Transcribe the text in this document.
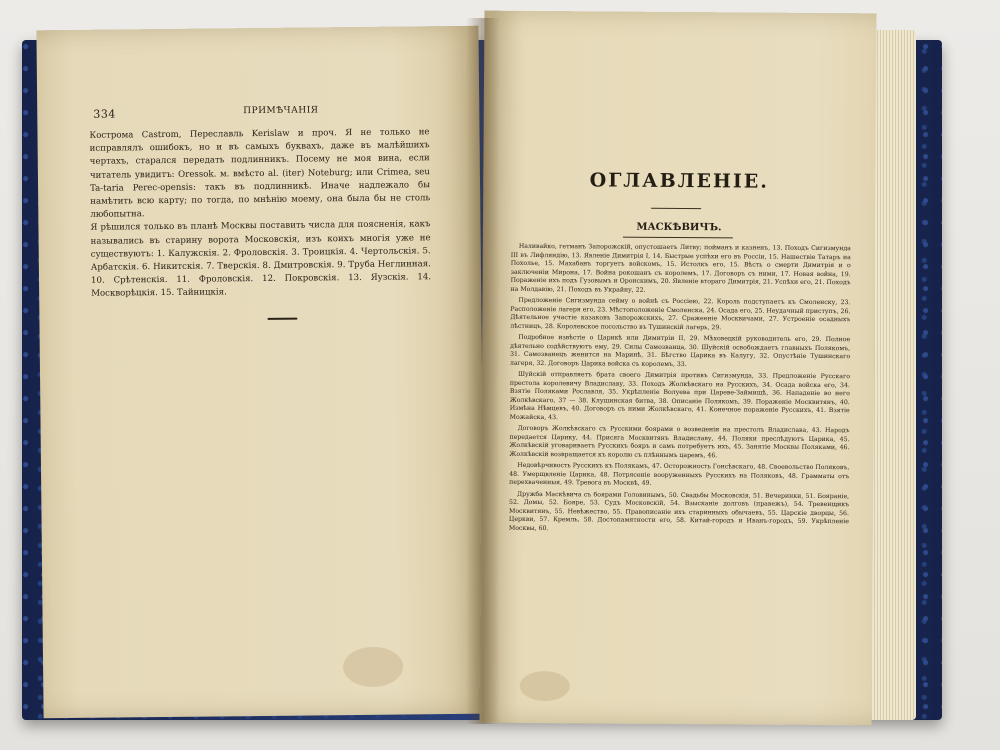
334	ПРИМѢЧАНІЯ

Кострома Castrom, Переславль Kerislaw и проч. Я не только не исправлялъ ошибокъ, но и въ самыхъ буквахъ, даже въ малѣйшихъ чертахъ, старался передать подлинникъ. Посему не моя вина, если читатель увидитъ: Oressok. м. вмѣсто al. (iter) Noteburg; или Crimea, seu Ta-taria Perec-opensis: такъ въ подлинникѣ. Иначе надлежало бы намѣтить всю карту; по тогда, по мнѣнію моему, она была бы не столь любопытна.

Я рѣшился только въ планѣ Москвы поставить числа для поясненія, какъ назывались въ старину ворота Московскія, изъ коихъ многія уже не существуютъ: 1. Калужскія. 2. Фроловскія. 3. Троицкія. 4. Чертольскія. 5. Арбатскія. 6. Никитскія. 7. Тверскія. 8. Дмитровскія. 9. Труба Неглинная. 10. Срѣтенскія. 11. Фроловскія. 12. Покровскія. 13. Яузскія. 14. Москворѣцкія. 15. Тайницкія.

ОГЛАВЛЕНІЕ.
МАСКѢВИЧЪ.

Наливайко, гетманъ Запорожскій, опустошаетъ Литву; пойманъ и казненъ, 13. Походъ Сигизмунда III въ Лифляндію, 13. Явленіе Димитрія I, 14. Быстрые успѣхи его въ Россіи, 15. Нашествіе Татаръ на Похолье, 15. Махабанъ торгуетъ войскомъ, 15. Истолкъ его, 15. Вѣсть о смерти Димитрія и о заключеніи Мирона, 17. Война рокошанъ съ королемъ, 17. Договоръ съ ними, 17. Новая война, 19. Пораженіе ихъ подъ Гузовымъ и Оронскимъ, 20. Явленіе втораго Димитрія, 21. Успѣхи его, 21. Походъ на Молдавію, 21. Походъ въ Украйну, 22.

Предложеніе Сигизмунда сейму о войнѣ съ Россіею, 22. Король подступаетъ къ Смоленску, 23. Расположеніе лагеря его, 23. Мѣстоположеніе Смоленска, 24. Осада его, 25. Неудачный приступъ, 26. Дѣятельное участіе казаковъ Запорожскихъ, 27. Сражееніе Москвичами, 27. Устроеніе осадныхъ лѣстницъ, 28. Королевское посольство въ Тушинскій лагерь, 29.

Подробное извѣстіе о Царикѣ или Димитріи II, 29. Мѣховецкій руководитель его, 29. Полное дѣятельно содѣйствуютъ ему, 29. Силы Самозванца, 30. Шуйскій освобождаетъ главныхъ Полякомъ, 31. Самозванецъ женится на Маринѣ, 31. Бѣгство Царика въ Калугу, 32. Опустѣніе Тушинскаго лагеря, 32. Договоръ Царика войска съ королемъ, 33.

Шуйскій отправляетъ брата своего Димитрія противъ Сигизмунда, 33. Предложеніе Русскаго престола королевичу Владиславу, 33. Походъ Жолкѣвскаго на Русскихъ, 34. Осада войска его, 34. Взятіе Поляками Рославля, 35. Укрѣпленіе Волуева при Цареве-Займищѣ, 36. Нападеніе во него Жолкѣвскаго, 37 — 38. Клушинская битва, 38. Описаніе Полякомъ, 39. Пораженіе Москвитянъ, 40. Измѣна Нѣмцевъ, 40. Договоръ съ ними Жолкѣвскаго, 41. Конечное пораженіе Русскихъ, 41. Взятіе Можайска, 43.

Договоръ Жолкѣвскаго съ Русскими боярами о возведеніи на престолъ Владислава, 43. Народъ передается Царику, 44. Присяга Москвитянъ Владиславу, 44. Поляки преслѣдуютъ Царика, 45. Жолкѣвскій уговариваетъ Русскихъ бояръ и самъ потребуетъ ихъ, 45. Занятіе Москвы Поляками, 46. Жолкѣвскій возвращается къ королю съ плѣннымъ царемъ, 46.

Недовѣрчивость Русскихъ къ Полякамъ, 47. Осторожность Гонсѣвскаго, 48. Своевольство Поляковъ, 48. Умерщвленіе Царика, 48. Потрясеніе вооруженныхъ Русскихъ на Поляковъ, 48. Грамматы отъ перехваченныя, 49. Тревога въ Москвѣ, 49.

Дружба Маскѣвича съ боярами Головинымъ, 50. Свадьбы Московскія, 51. Вечеринки, 51. Бояраніе, 52. Домы, 52. Бояре, 53. Судъ Московскій, 54. Взысканіе долговъ (правежъ), 54. Тревенщикъ Москвитянъ, 55. Невѣжество, 55. Правописаніе ихъ старинныхъ обычаевъ, 55. Царскіе дворцы, 56. Церкви, 57. Кремль, 58. Достопамятности его, 58. Китай-городъ и Иванъ-городъ, 59. Укрѣпленіе Москвы, 60.
